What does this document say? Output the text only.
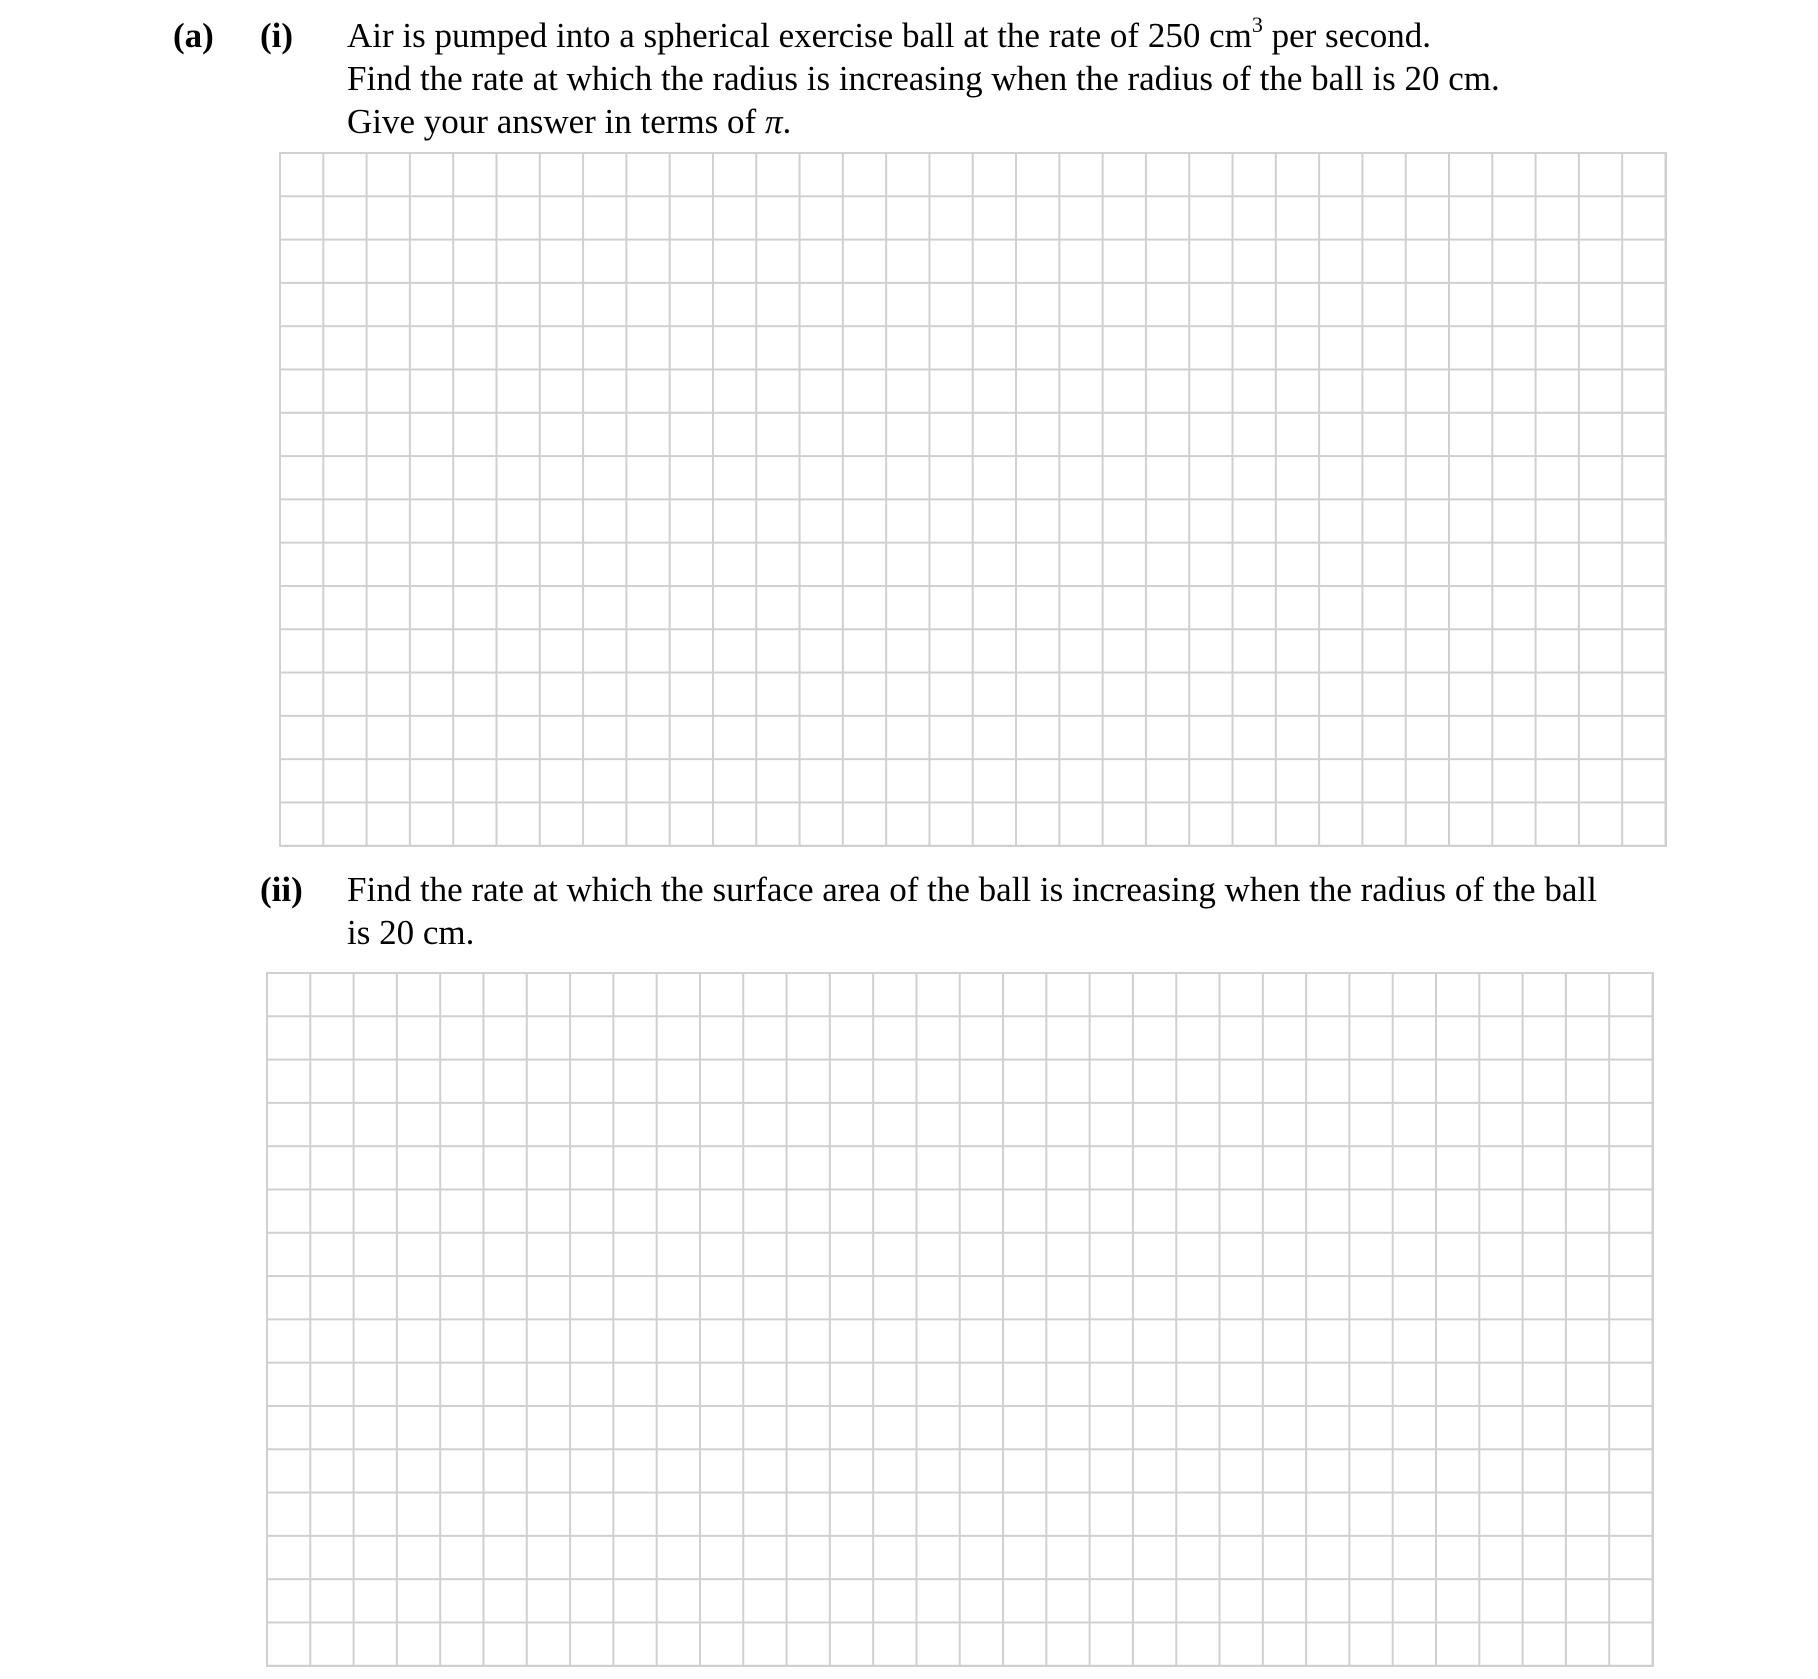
(a) (i) Air is pumped into a spherical exercise ball at the rate of 250 $cm^3$ per second.
Find the rate at which the radius is increasing when the radius of the ball is 20 cm.
Give your answer in terms of π.
(ii) Find the rate at which the surface area of the ball is increasing when the radius of the ball
is 20 cm.
